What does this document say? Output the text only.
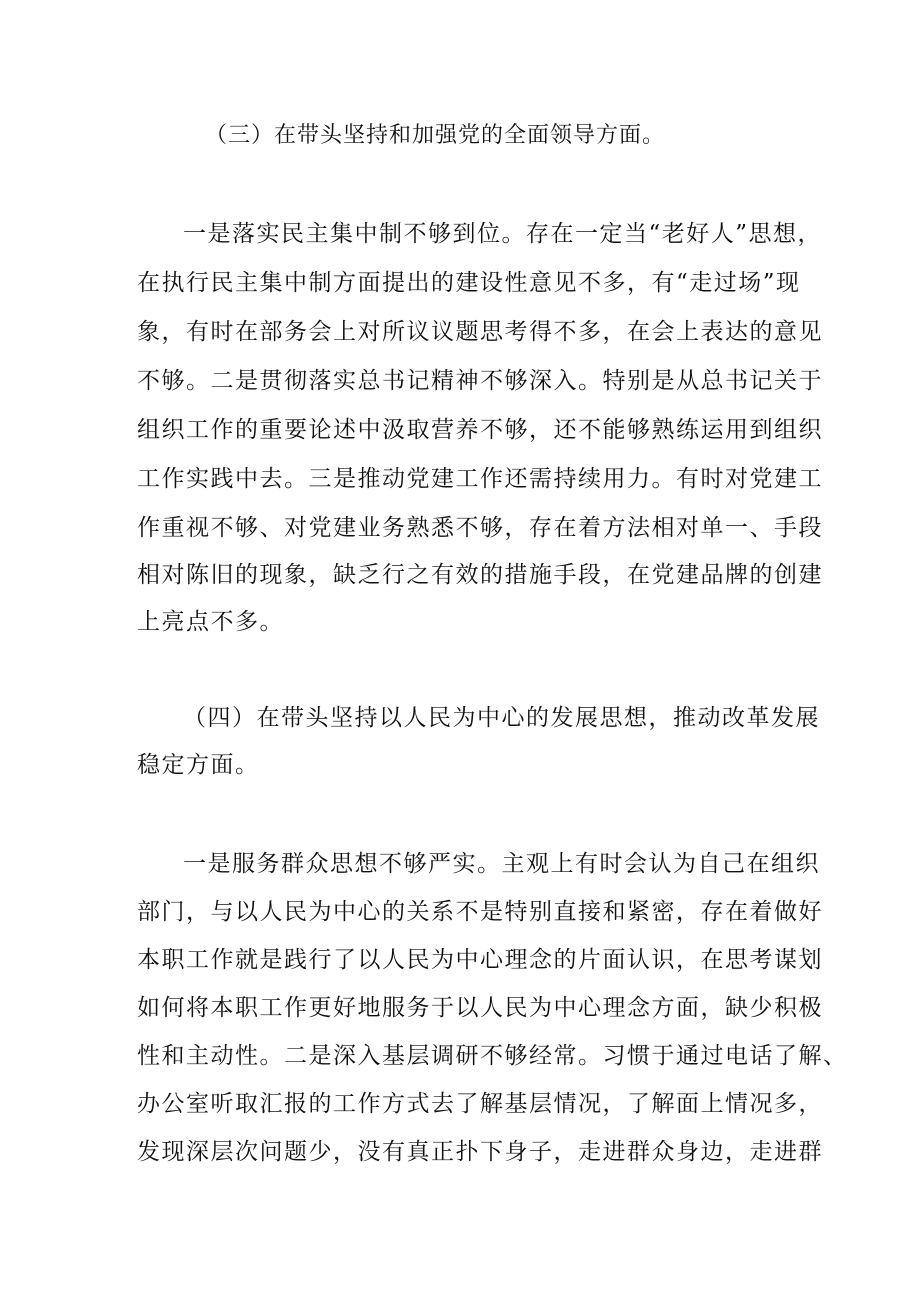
（三）在带头坚持和加强党的全面领导方面。

一是落实民主集中制不够到位。存在一定当“老好人”思想，

在执行民主集中制方面提出的建设性意见不多，有“走过场”现

象，有时在部务会上对所议议题思考得不多，在会上表达的意见

不够。二是贯彻落实总书记精神不够深入。特别是从总书记关于

组织工作的重要论述中汲取营养不够，还不能够熟练运用到组织

工作实践中去。三是推动党建工作还需持续用力。有时对党建工

作重视不够、对党建业务熟悉不够，存在着方法相对单一、手段

相对陈旧的现象，缺乏行之有效的措施手段，在党建品牌的创建

上亮点不多。

（四）在带头坚持以人民为中心的发展思想，推动改革发展

稳定方面。

一是服务群众思想不够严实。主观上有时会认为自己在组织

部门，与以人民为中心的关系不是特别直接和紧密，存在着做好

本职工作就是践行了以人民为中心理念的片面认识，在思考谋划

如何将本职工作更好地服务于以人民为中心理念方面，缺少积极

性和主动性。二是深入基层调研不够经常。习惯于通过电话了解、

办公室听取汇报的工作方式去了解基层情况，了解面上情况多，

发现深层次问题少，没有真正扑下身子，走进群众身边，走进群
